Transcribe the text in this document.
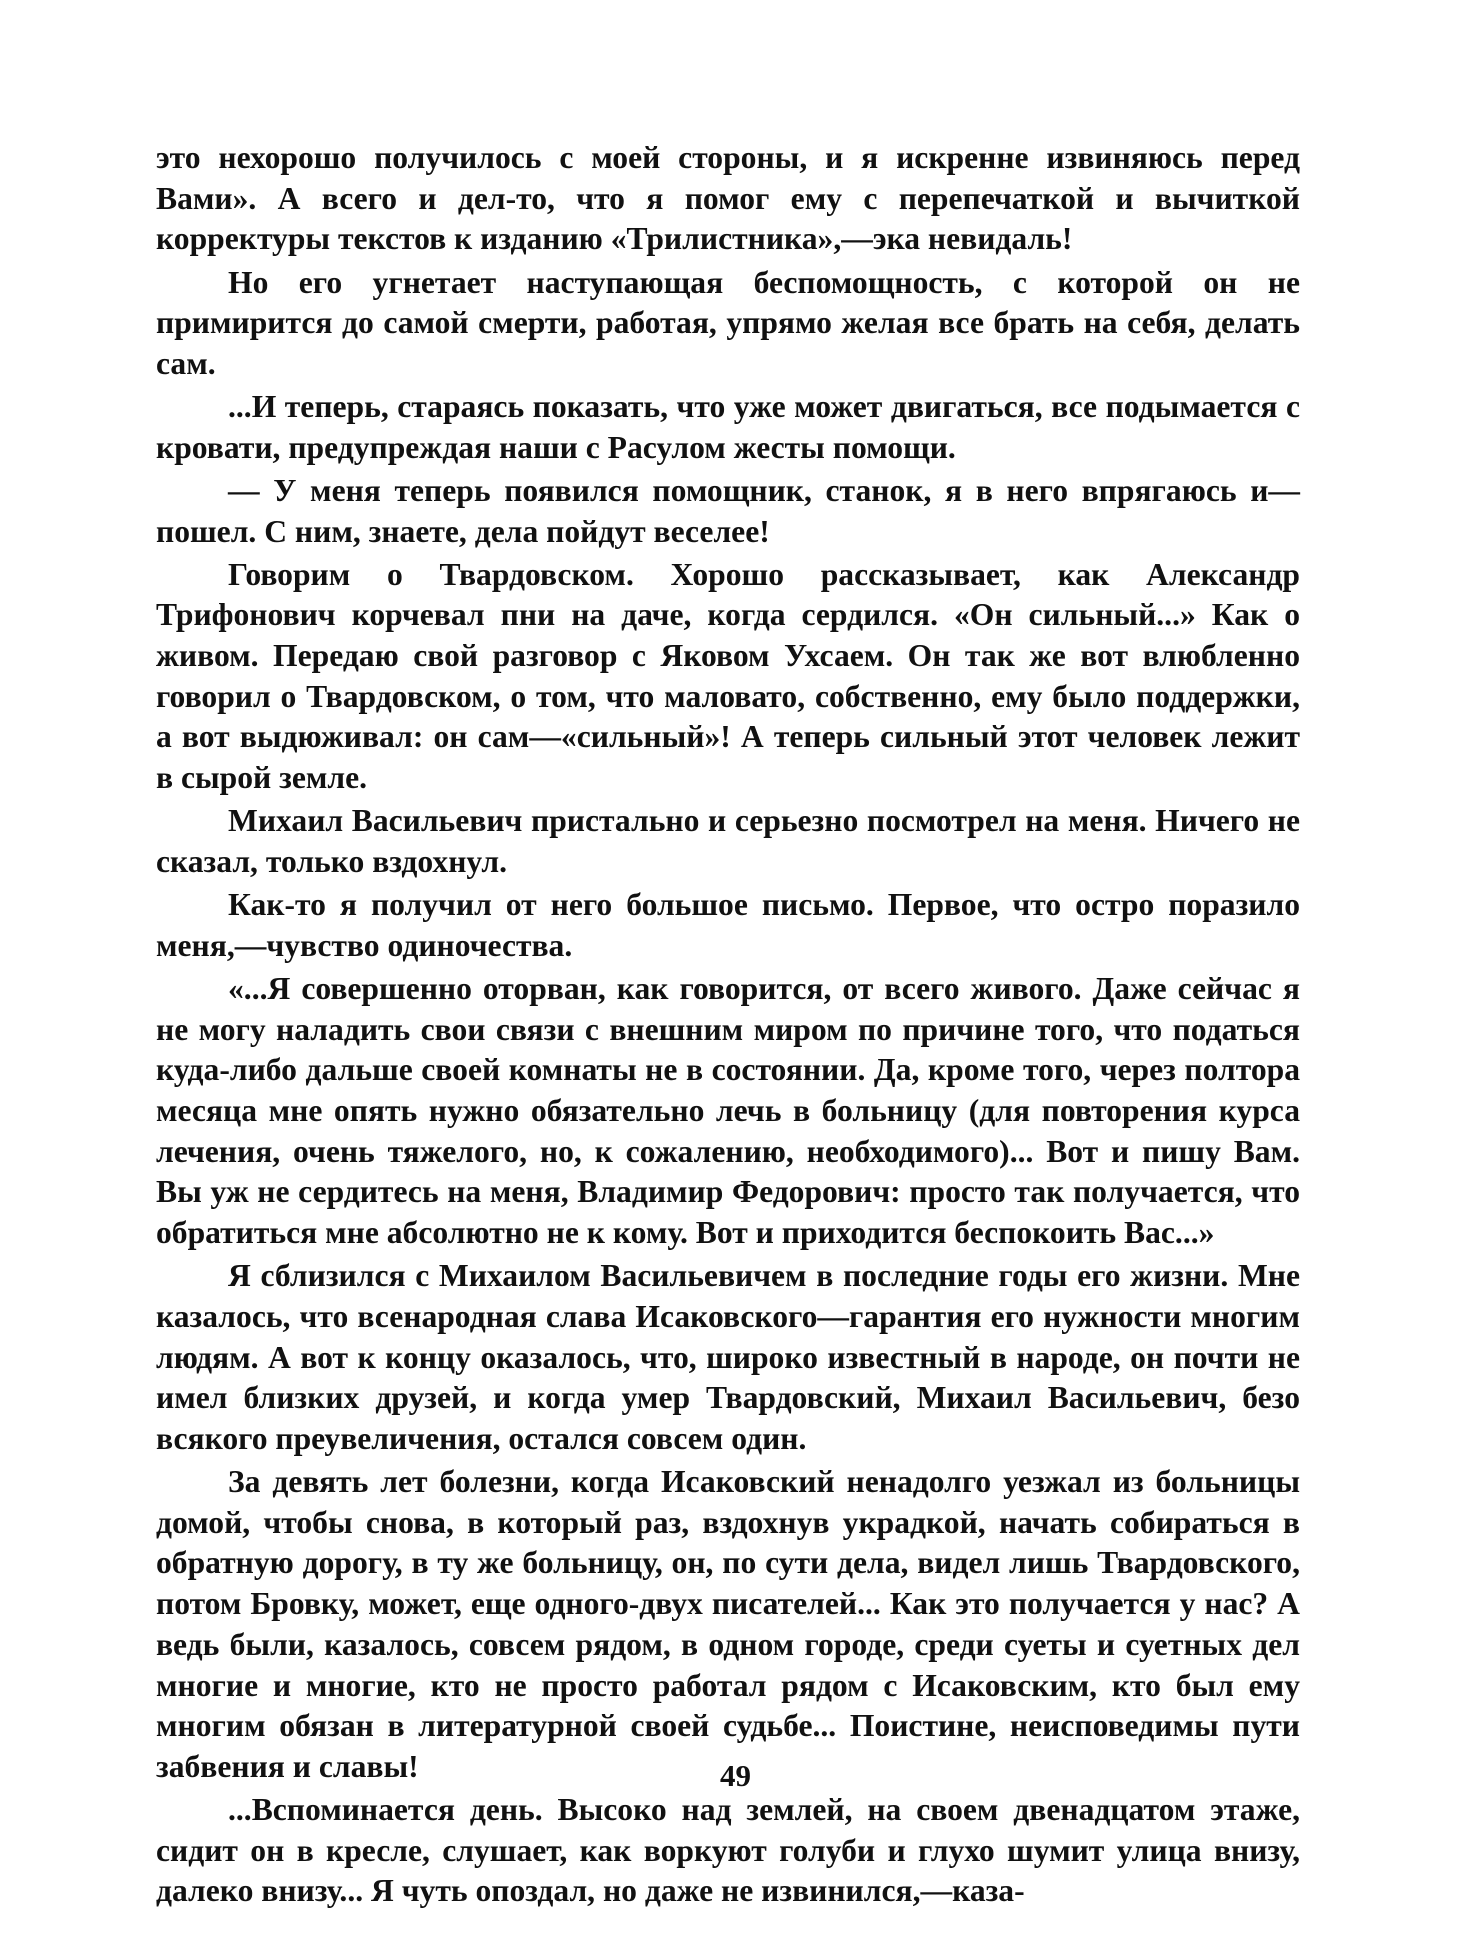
это нехорошо получилось с моей стороны, и я искренне извиняюсь перед Вами». А всего и дел-то, что я помог ему с перепечаткой и вычиткой корректуры текстов к изданию «Трилистника»,—эка невидаль!

Но его угнетает наступающая беспомощность, с которой он не примирится до самой смерти, работая, упрямо желая все брать на себя, делать сам.

...И теперь, стараясь показать, что уже может двигаться, все подымается с кровати, предупреждая наши с Расулом жесты помощи.

— У меня теперь появился помощник, станок, я в него впрягаюсь и—пошел. С ним, знаете, дела пойдут веселее!

Говорим о Твардовском. Хорошо рассказывает, как Александр Трифонович корчевал пни на даче, когда сердился. «Он сильный...» Как о живом. Передаю свой разговор с Яковом Ухсаем. Он так же вот влюбленно говорил о Твардовском, о том, что маловато, собственно, ему было поддержки, а вот выдюживал: он сам—«сильный»! А теперь сильный этот человек лежит в сырой земле.

Михаил Васильевич пристально и серьезно посмотрел на меня. Ничего не сказал, только вздохнул.

Как-то я получил от него большое письмо. Первое, что остро поразило меня,—чувство одиночества.

«...Я совершенно оторван, как говорится, от всего живого. Даже сейчас я не могу наладить свои связи с внешним миром по причине того, что податься куда-либо дальше своей комнаты не в состоянии. Да, кроме того, через полтора месяца мне опять нужно обязательно лечь в больницу (для повторения курса лечения, очень тяжелого, но, к сожалению, необходимого)... Вот и пишу Вам. Вы уж не сердитесь на меня, Владимир Федорович: просто так получается, что обратиться мне абсолютно не к кому. Вот и приходится беспокоить Вас...»

Я сблизился с Михаилом Васильевичем в последние годы его жизни. Мне казалось, что всенародная слава Исаковского—гарантия его нужности многим людям. А вот к концу оказалось, что, широко известный в народе, он почти не имел близких друзей, и когда умер Твардовский, Михаил Васильевич, безо всякого преувеличения, остался совсем один.

За девять лет болезни, когда Исаковский ненадолго уезжал из больницы домой, чтобы снова, в который раз, вздохнув украдкой, начать собираться в обратную дорогу, в ту же больницу, он, по сути дела, видел лишь Твардовского, потом Бровку, может, еще одного-двух писателей... Как это получается у нас? А ведь были, казалось, совсем рядом, в одном городе, среди суеты и суетных дел многие и многие, кто не просто работал рядом с Исаковским, кто был ему многим обязан в литературной своей судьбе... Поистине, неисповедимы пути забвения и славы!

...Вспоминается день. Высоко над землей, на своем двенадцатом этаже, сидит он в кресле, слушает, как воркуют голуби и глухо шумит улица внизу, далеко внизу... Я чуть опоздал, но даже не извинился,—каза-

49
